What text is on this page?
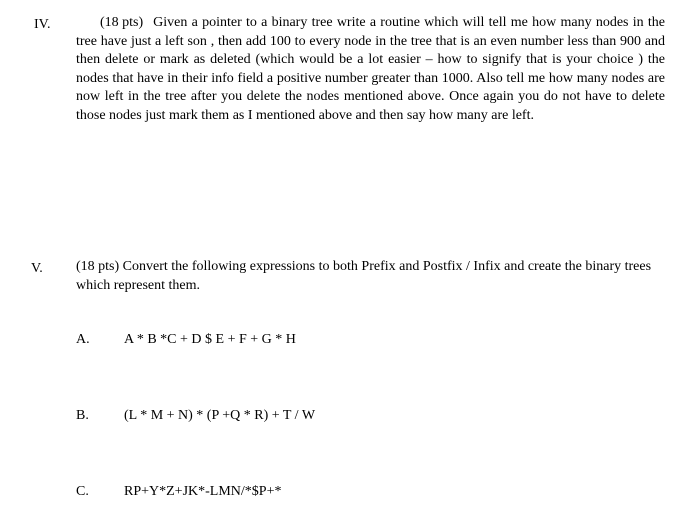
IV.	(18 pts) Given a pointer to a binary tree write a routine which will tell me how many nodes in the tree have just a left son , then add 100 to every node in the tree that is an even number less than 900 and then delete or mark as deleted (which would be a lot easier – how to signify that is your choice ) the nodes that have in their info field a positive number greater than 1000. Also tell me how many nodes are now left in the tree after you delete the nodes mentioned above. Once again you do not have to delete those nodes just mark them as I mentioned above and then say how many are left.
V. (18 pts) Convert the following expressions to both Prefix and Postfix / Infix and create the binary trees which represent them.
A. A * B *C + D $ E + F + G * H
B.	(L * M + N) * (P +Q * R) + T / W
C.	RP+Y*Z+JK*-LMN/*$P+*
